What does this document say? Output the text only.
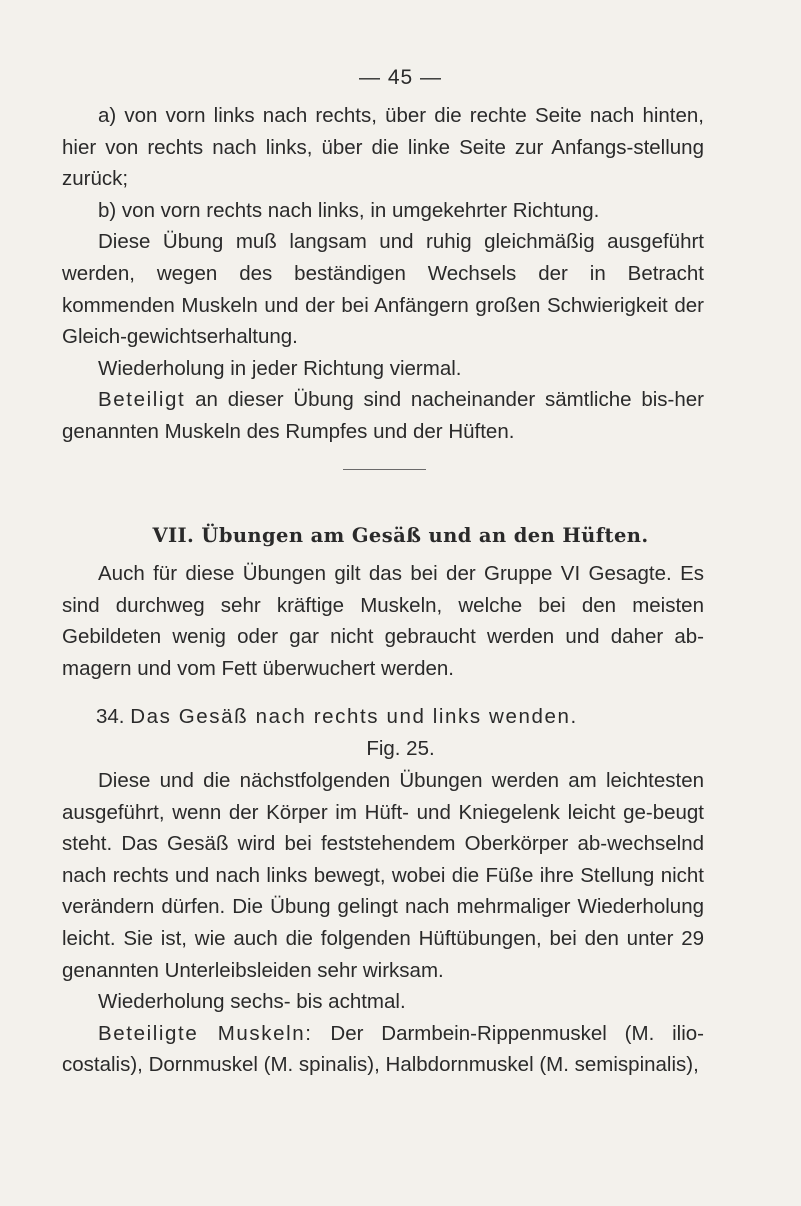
— 45 —

a) von vorn links nach rechts, über die rechte Seite nach hinten, hier von rechts nach links, über die linke Seite zur Anfangs-stellung zurück;

b) von vorn rechts nach links, in umgekehrter Richtung.

Diese Übung muß langsam und ruhig gleichmäßig ausgeführt werden, wegen des beständigen Wechsels der in Betracht kommenden Muskeln und der bei Anfängern großen Schwierigkeit der Gleich-gewichtserhaltung.

Wiederholung in jeder Richtung viermal.

Beteiligt an dieser Übung sind nacheinander sämtliche bis-her genannten Muskeln des Rumpfes und der Hüften.

VII. Übungen am Gesäß und an den Hüften.

Auch für diese Übungen gilt das bei der Gruppe VI Gesagte. Es sind durchweg sehr kräftige Muskeln, welche bei den meisten Gebildeten wenig oder gar nicht gebraucht werden und daher ab-magern und vom Fett überwuchert werden.

34. Das Gesäß nach rechts und links wenden.
Fig. 25.

Diese und die nächstfolgenden Übungen werden am leichtesten ausgeführt, wenn der Körper im Hüft- und Kniegelenk leicht ge-beugt steht. Das Gesäß wird bei feststehendem Oberkörper ab-wechselnd nach rechts und nach links bewegt, wobei die Füße ihre Stellung nicht verändern dürfen. Die Übung gelingt nach mehrmaliger Wiederholung leicht. Sie ist, wie auch die folgenden Hüftübungen, bei den unter 29 genannten Unterleibsleiden sehr wirksam.

Wiederholung sechs- bis achtmal.

Beteiligte Muskeln: Der Darmbein-Rippenmuskel (M. ilio-costalis), Dornmuskel (M. spinalis), Halbdornmuskel (M. semispinalis),
